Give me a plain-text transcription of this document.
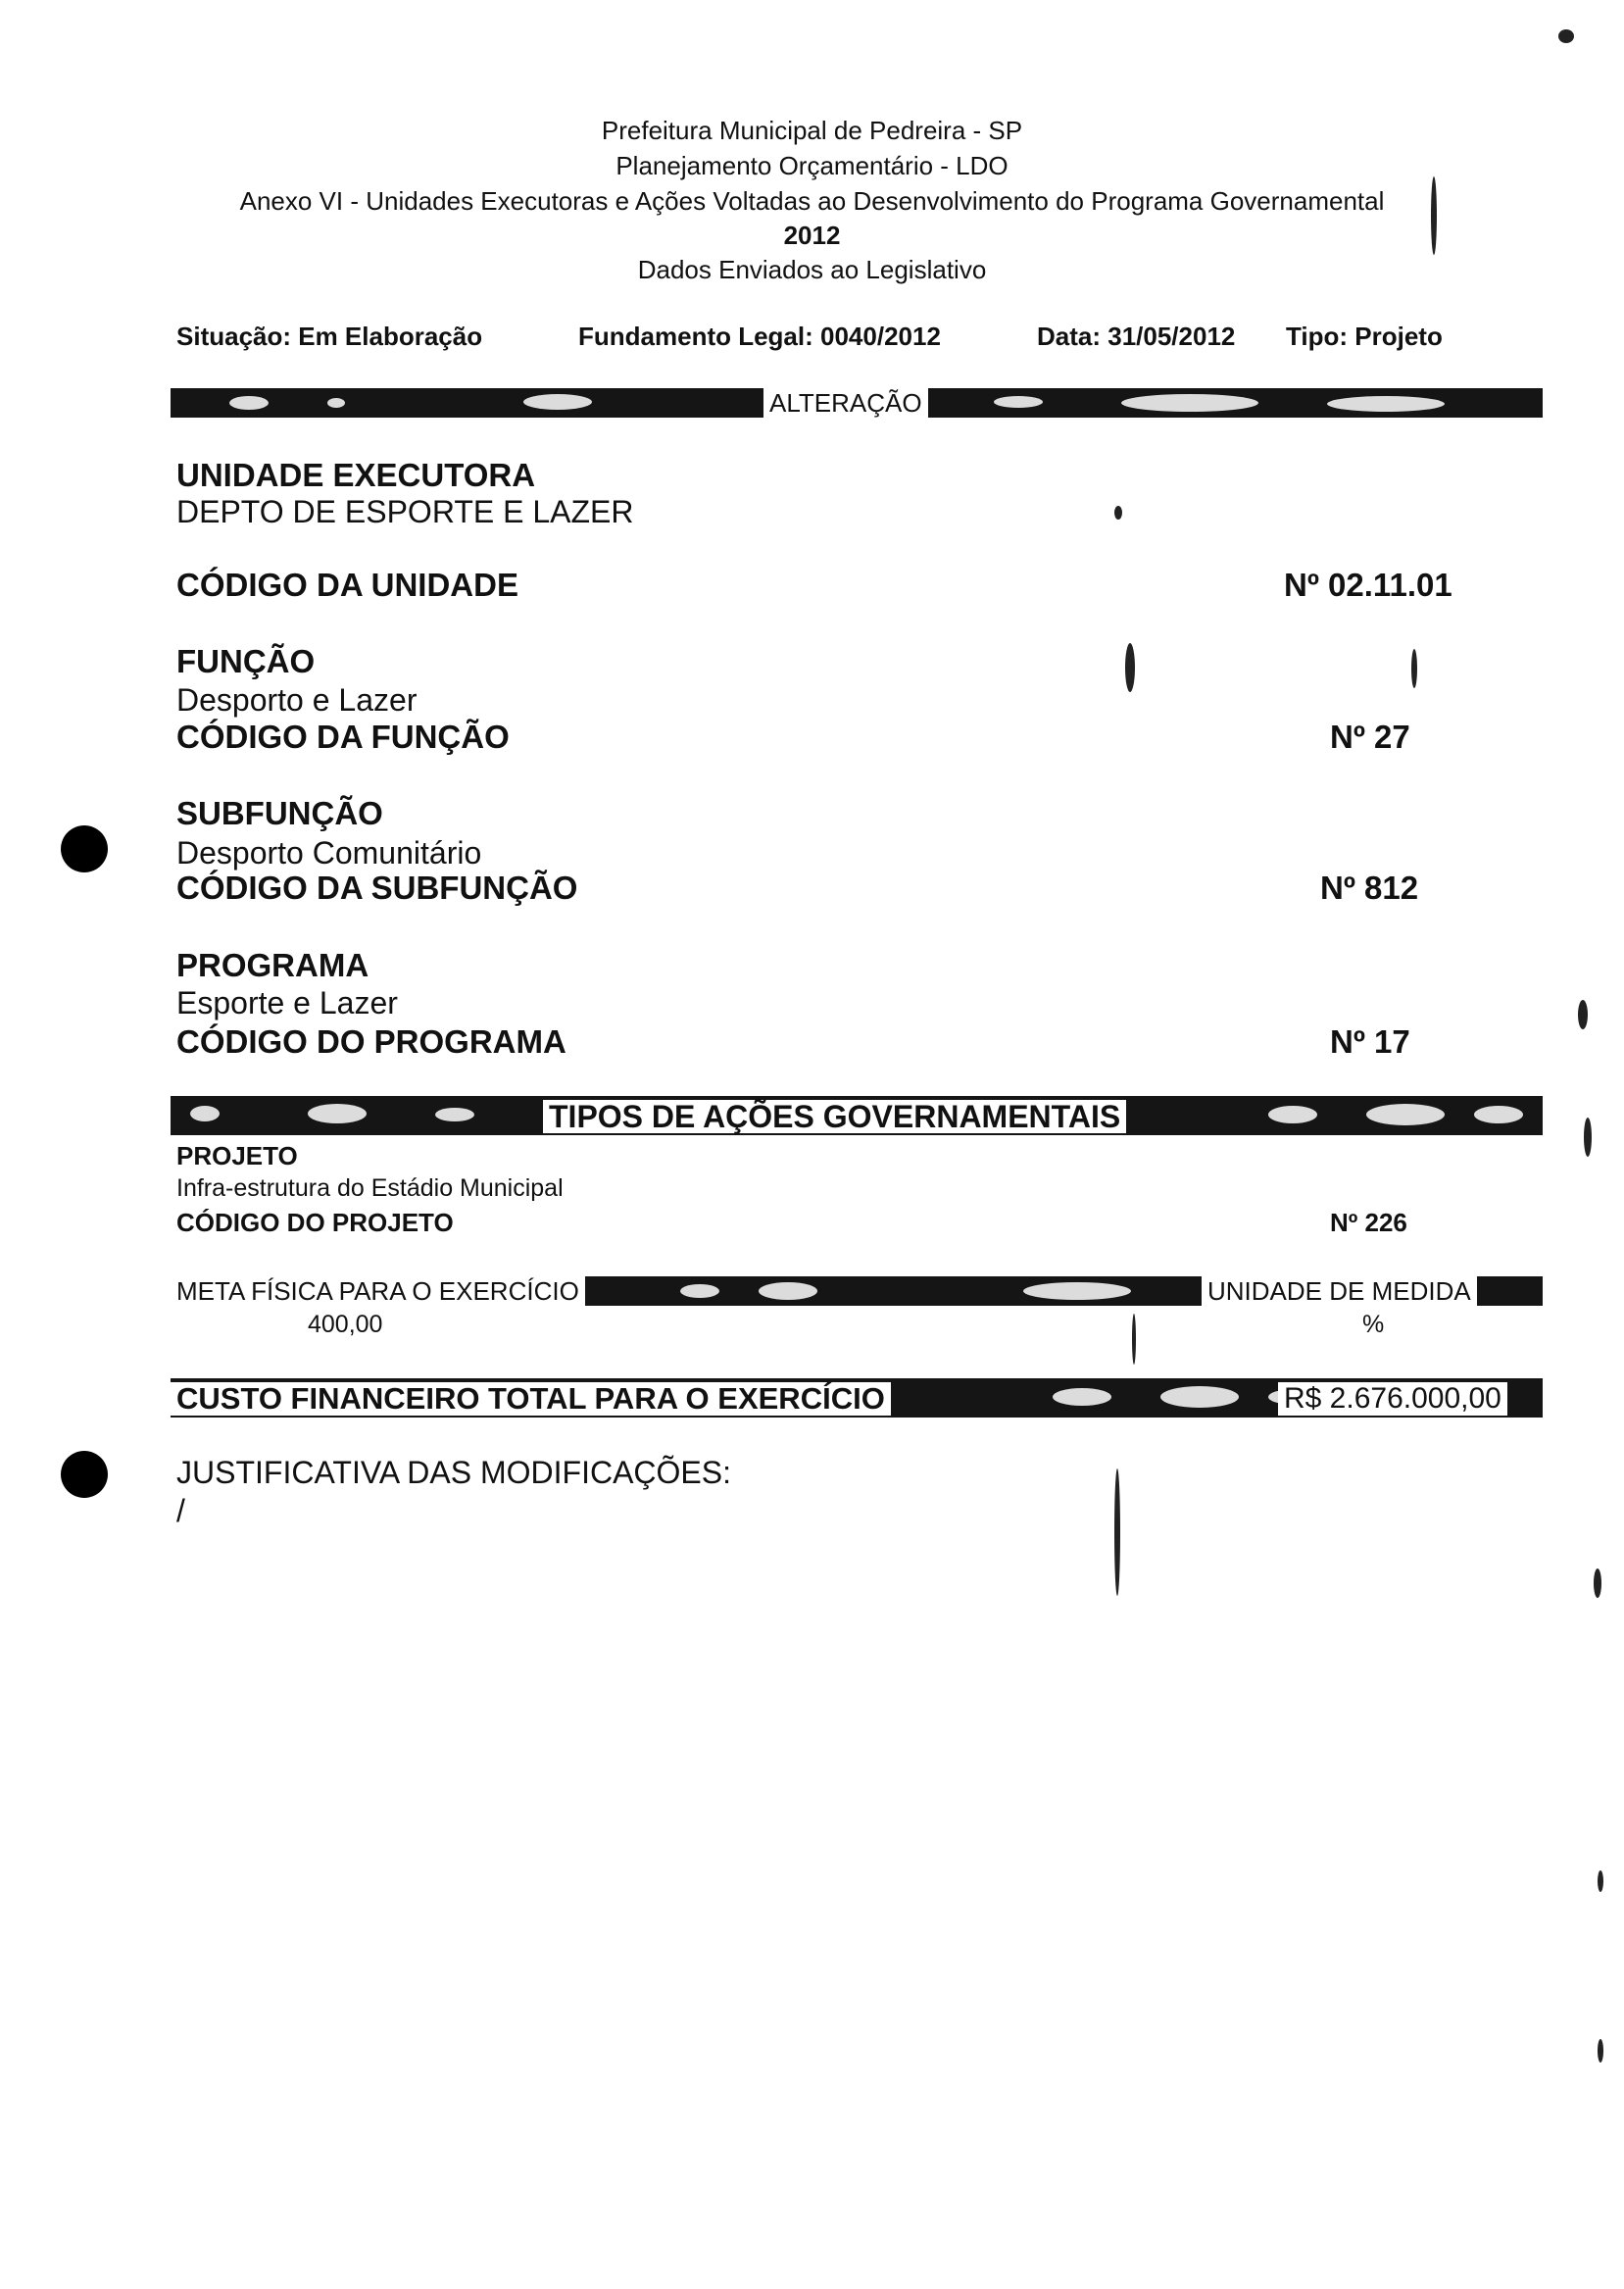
Prefeitura Municipal de Pedreira - SP
Planejamento Orçamentário - LDO
Anexo VI - Unidades Executoras e Ações Voltadas ao Desenvolvimento do Programa Governamental
2012
Dados Enviados ao Legislativo
Situação: Em Elaboração	Fundamento Legal: 0040/2012	Data: 31/05/2012 Tipo: Projeto
ALTERAÇÃO
UNIDADE EXECUTORA
DEPTO DE ESPORTE E LAZER
CÓDIGO DA UNIDADE	Nº 02.11.01
FUNÇÃO
Desporto e Lazer
CÓDIGO DA FUNÇÃO	Nº 27
SUBFUNÇÃO
Desporto Comunitário
CÓDIGO DA SUBFUNÇÃO	Nº 812
PROGRAMA
Esporte e Lazer
CÓDIGO DO PROGRAMA	Nº 17
TIPOS DE AÇÕES GOVERNAMENTAIS
PROJETO
Infra-estrutura do Estádio Municipal
CÓDIGO DO PROJETO	Nº 226
META FÍSICA PARA O EXERCÍCIO	UNIDADE DE MEDIDA
400,00	%
CUSTO FINANCEIRO TOTAL PARA O EXERCÍCIO	R$ 2.676.000,00
JUSTIFICATIVA DAS MODIFICAÇÕES:
/
